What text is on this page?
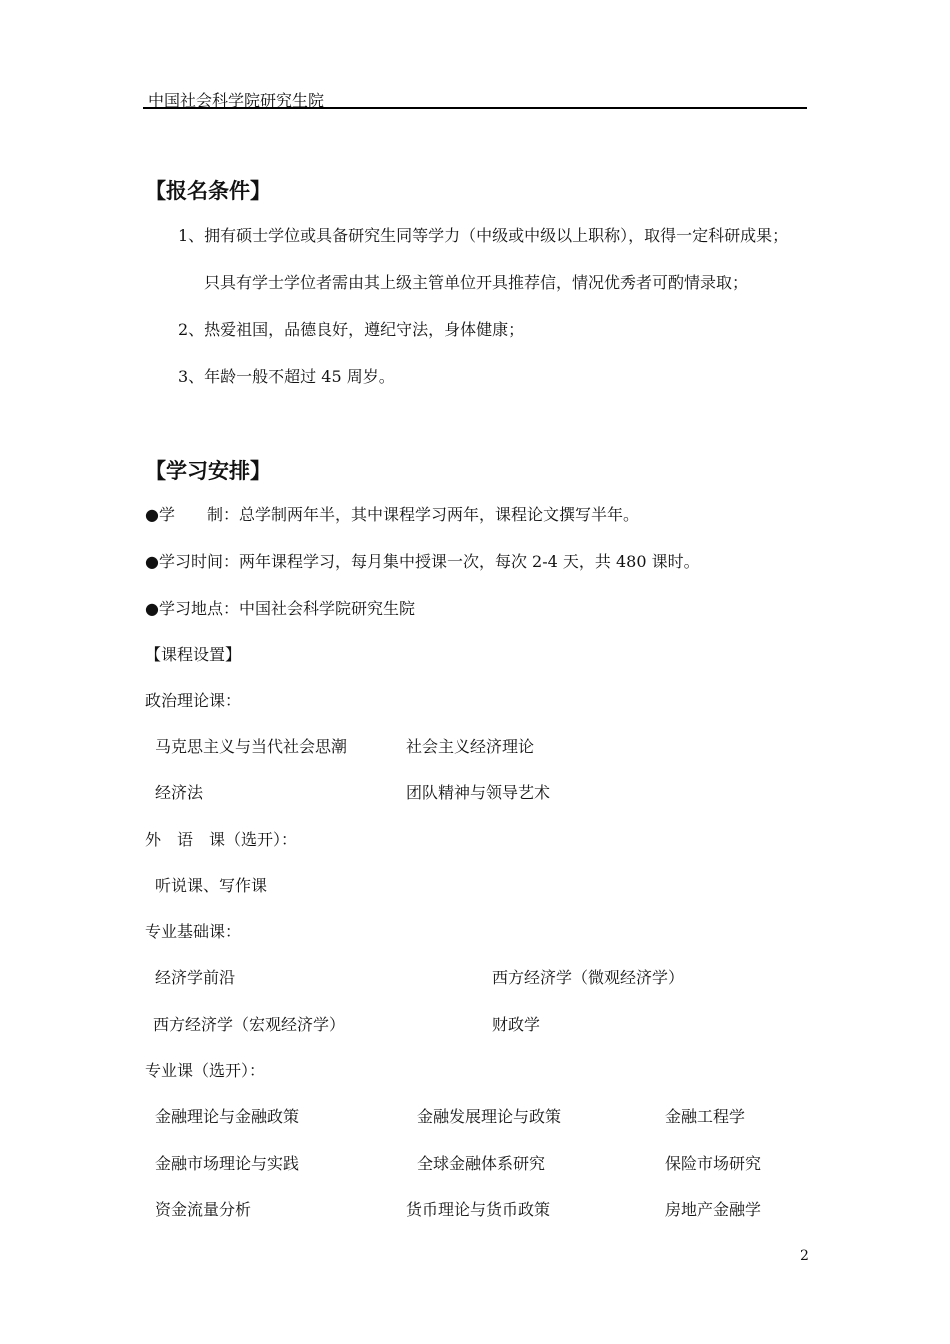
中国社会科学院研究生院
【报名条件】
1、拥有硕士学位或具备研究生同等学力（中级或中级以上职称），取得一定科研成果；
只具有学士学位者需由其上级主管单位开具推荐信，情况优秀者可酌情录取；
2、热爱祖国，品德良好，遵纪守法，身体健康；
3、年龄一般不超过 45 周岁。
【学习安排】
●学　　制：总学制两年半，其中课程学习两年，课程论文撰写半年。
●学习时间：两年课程学习，每月集中授课一次，每次 2-4 天，共 480 课时。
●学习地点：中国社会科学院研究生院
【课程设置】
政治理论课：
马克思主义与当代社会思潮	社会主义经济理论
经济法	团队精神与领导艺术
外　语　课（选开）：
听说课、写作课
专业基础课：
经济学前沿	西方经济学（微观经济学）
西方经济学（宏观经济学）	财政学
专业课（选开）：
金融理论与金融政策	金融发展理论与政策	金融工程学
金融市场理论与实践	全球金融体系研究	保险市场研究
资金流量分析	货币理论与货币政策	房地产金融学
2
